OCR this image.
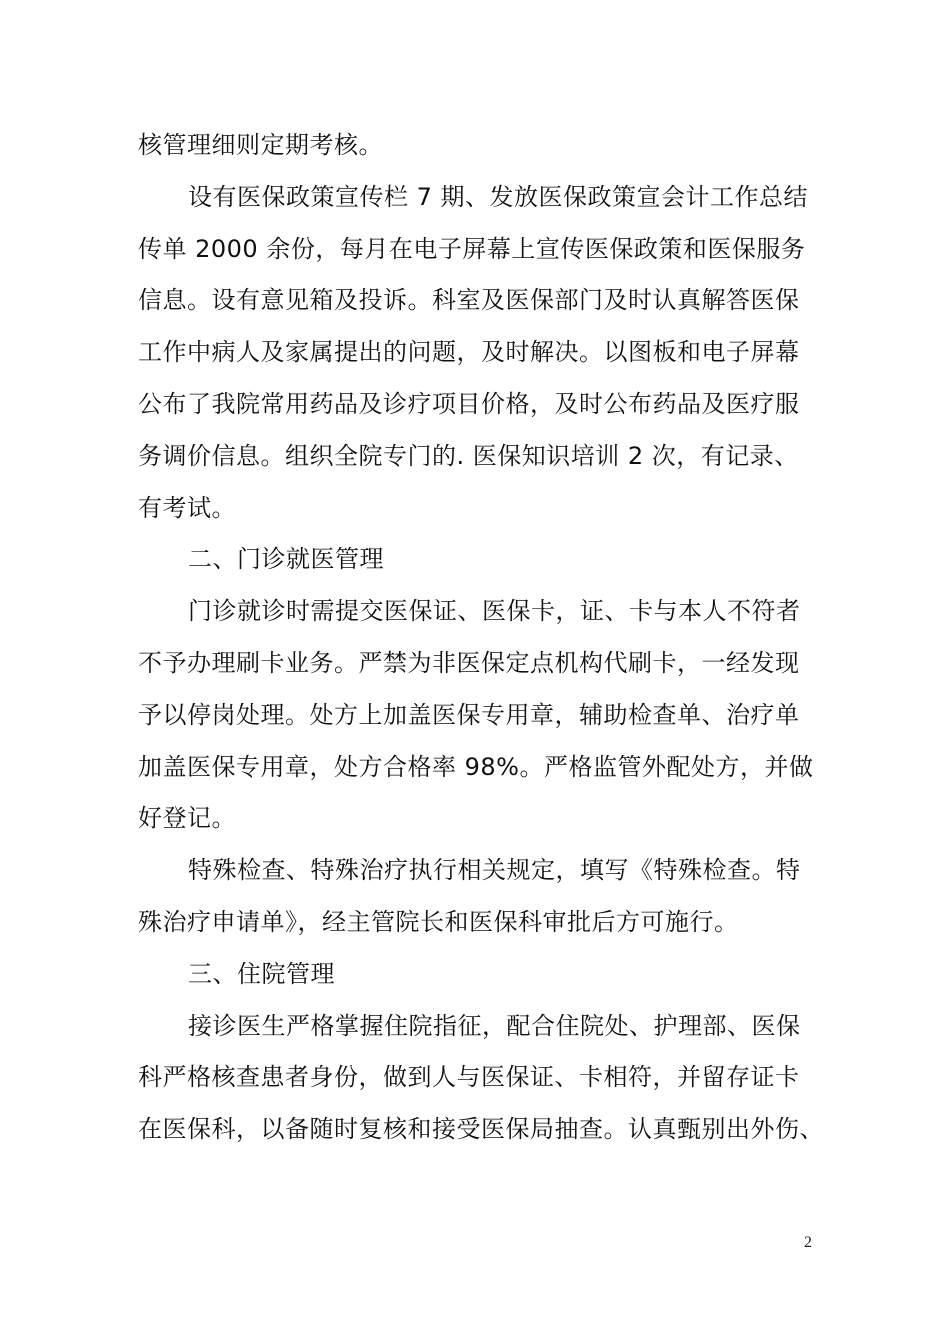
核管理细则定期考核。
设有医保政策宣传栏 7 期、发放医保政策宣会计工作总结
传单 2000 余份，每月在电子屏幕上宣传医保政策和医保服务
信息。设有意见箱及投诉。科室及医保部门及时认真解答医保
工作中病人及家属提出的问题，及时解决。以图板和电子屏幕
公布了我院常用药品及诊疗项目价格，及时公布药品及医疗服
务调价信息。组织全院专门的. 医保知识培训 2 次，有记录、
有考试。
二、门诊就医管理
门诊就诊时需提交医保证、医保卡，证、卡与本人不符者
不予办理刷卡业务。严禁为非医保定点机构代刷卡，一经发现
予以停岗处理。处方上加盖医保专用章，辅助检查单、治疗单
加盖医保专用章，处方合格率 98%。严格监管外配处方，并做
好登记。
特殊检查、特殊治疗执行相关规定，填写《特殊检查。特
殊治疗申请单》，经主管院长和医保科审批后方可施行。
三、住院管理
接诊医生严格掌握住院指征，配合住院处、护理部、医保
科严格核查患者身份，做到人与医保证、卡相符，并留存证卡
在医保科，以备随时复核和接受医保局抽查。认真甄别出外伤、
2
